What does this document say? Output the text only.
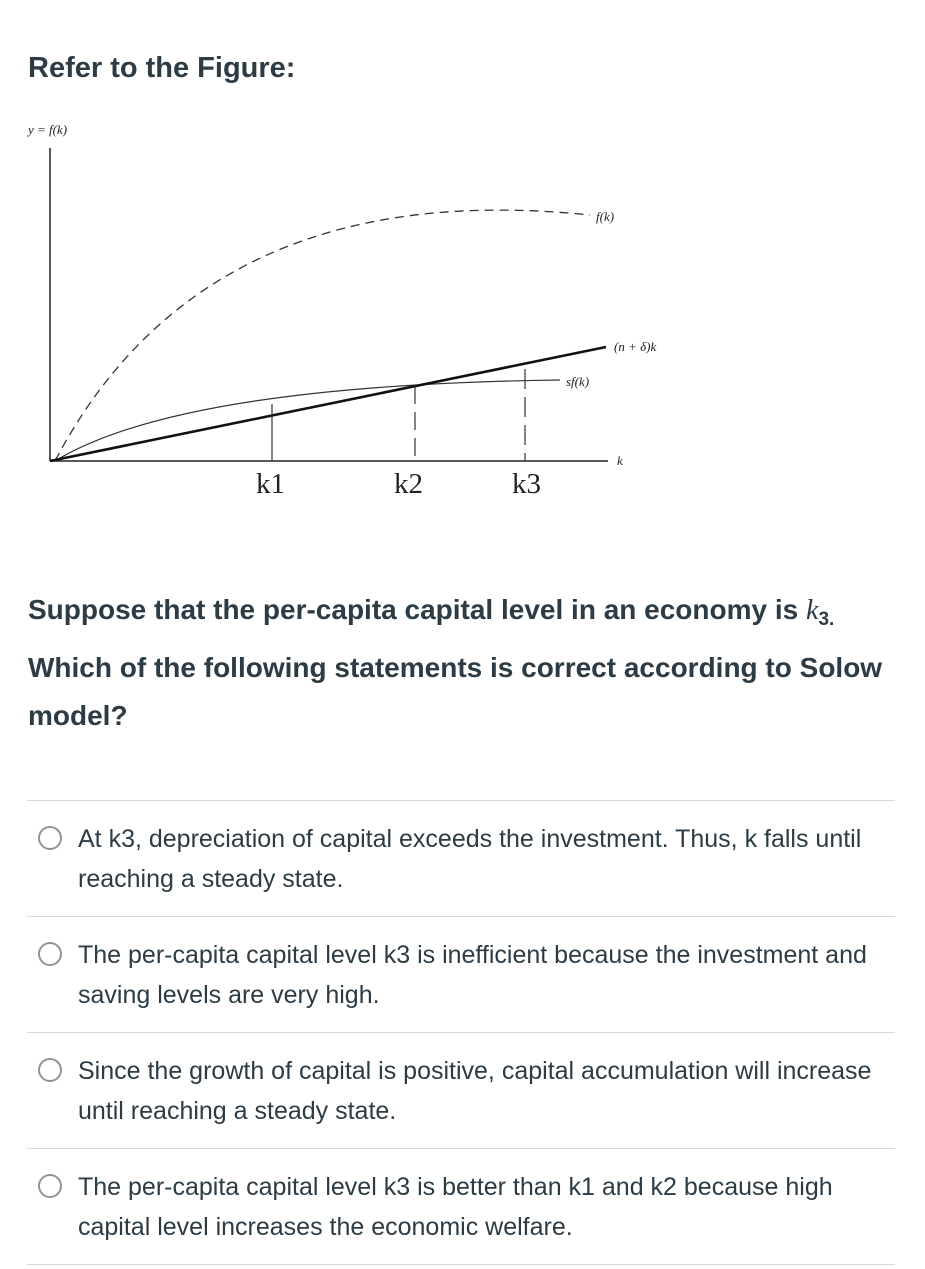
Refer to the Figure:
y = f(k)
f(k)
sf(k)
(n + δ)k
k
k1	k2	k3

Suppose that the per-capita capital level in an economy is $k_{3.}$ Which of the following statements is correct according to Solow model?

At k3, depreciation of capital exceeds the investment. Thus, k falls until reaching a steady state.
The per-capita capital level k3 is inefficient because the investment and saving levels are very high.
Since the growth of capital is positive, capital accumulation will increase until reaching a steady state.
The per-capita capital level k3 is better than k1 and k2 because high capital level increases the economic welfare.
